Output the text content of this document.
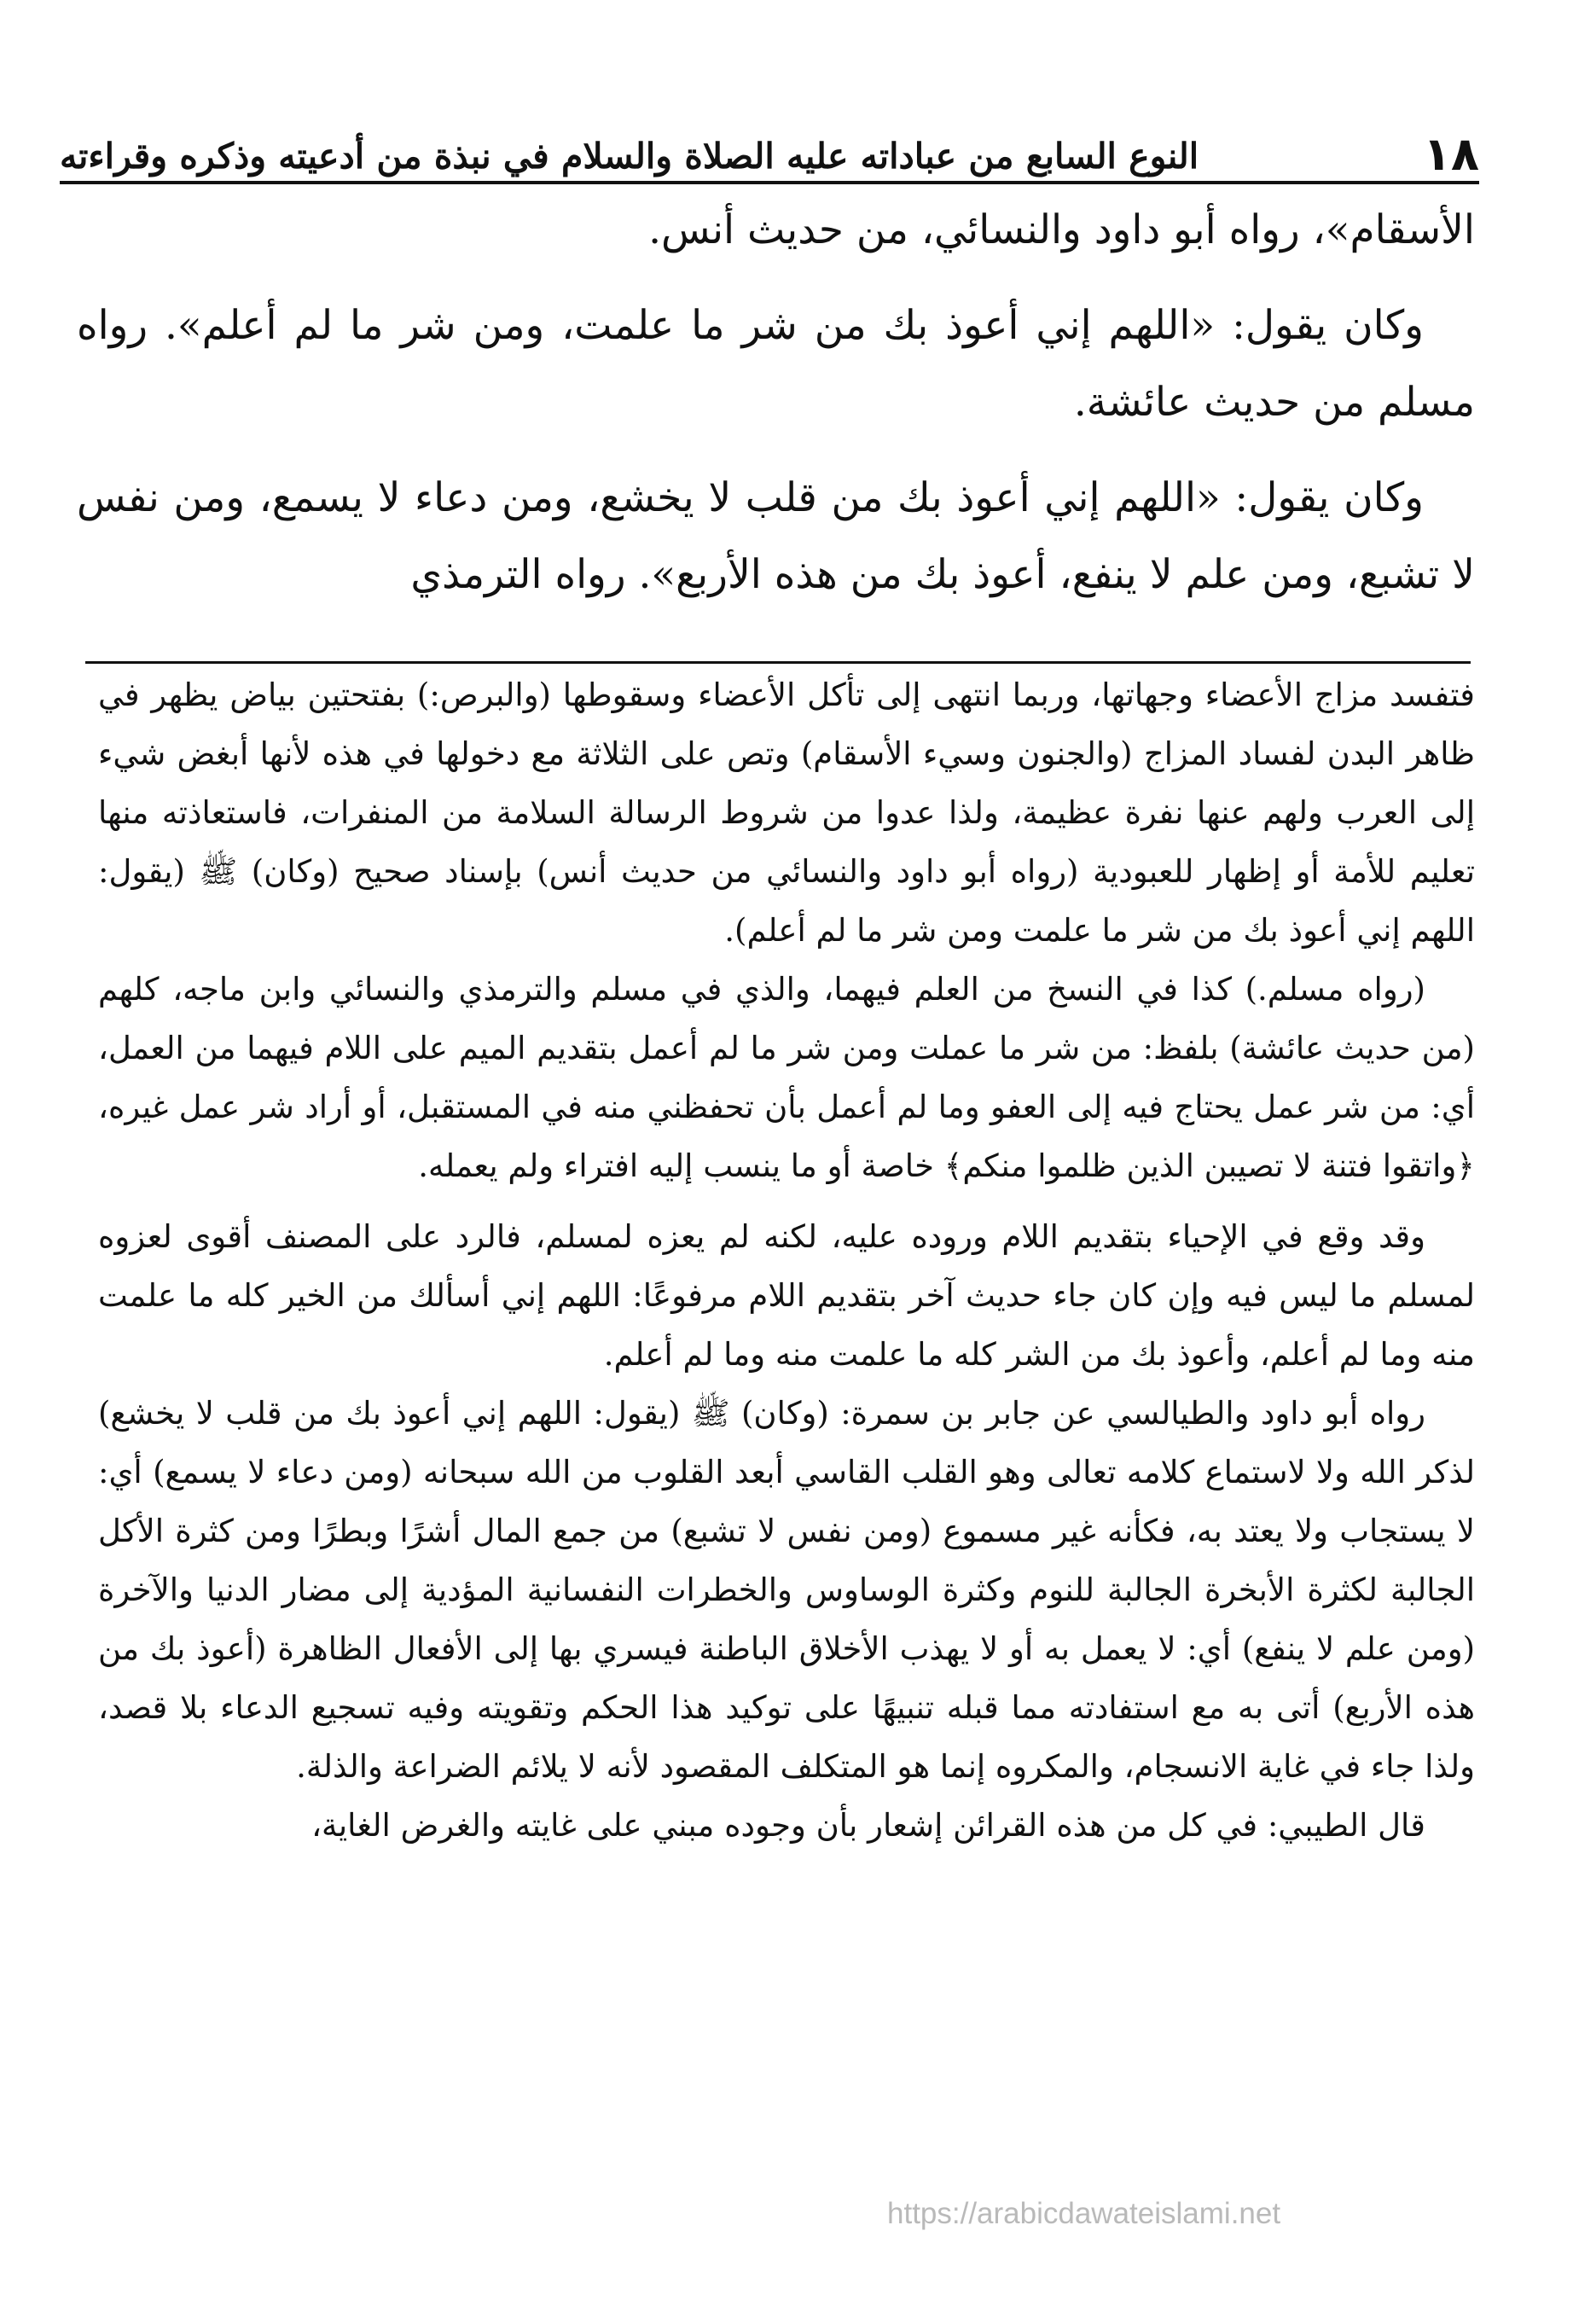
١٨
النوع السابع من عباداته عليه الصلاة والسلام في نبذة من أدعيته وذكره وقراءته

الأسقام»، رواه أبو داود والنسائي، من حديث أنس.

وكان يقول: «اللهم إني أعوذ بك من شر ما علمت، ومن شر ما لم أعلم». رواه مسلم من حديث عائشة.

وكان يقول: «اللهم إني أعوذ بك من قلب لا يخشع، ومن دعاء لا يسمع، ومن نفس لا تشبع، ومن علم لا ينفع، أعوذ بك من هذه الأربع». رواه الترمذي

فتفسد مزاج الأعضاء وجهاتها، وربما انتهى إلى تأكل الأعضاء وسقوطها (والبرص:) بفتحتين بياض يظهر في ظاهر البدن لفساد المزاج (والجنون وسيء الأسقام) وتص على الثلاثة مع دخولها في هذه لأنها أبغض شيء إلى العرب ولهم عنها نفرة عظيمة، ولذا عدوا من شروط الرسالة السلامة من المنفرات، فاستعاذته منها تعليم للأمة أو إظهار للعبودية (رواه أبو داود والنسائي من حديث أنس) بإسناد صحيح (وكان) ﷺ (يقول: اللهم إني أعوذ بك من شر ما علمت ومن شر ما لم أعلم).

(رواه مسلم.) كذا في النسخ من العلم فيهما، والذي في مسلم والترمذي والنسائي وابن ماجه، كلهم (من حديث عائشة) بلفظ: من شر ما عملت ومن شر ما لم أعمل بتقديم الميم على اللام فيهما من العمل، أي: من شر عمل يحتاج فيه إلى العفو وما لم أعمل بأن تحفظني منه في المستقبل، أو أراد شر عمل غيره، ﴿واتقوا فتنة لا تصيبن الذين ظلموا منكم﴾ خاصة أو ما ينسب إليه افتراء ولم يعمله.

وقد وقع في الإحياء بتقديم اللام وروده عليه، لكنه لم يعزه لمسلم، فالرد على المصنف أقوى لعزوه لمسلم ما ليس فيه وإن كان جاء حديث آخر بتقديم اللام مرفوعًا: اللهم إني أسألك من الخير كله ما علمت منه وما لم أعلم، وأعوذ بك من الشر كله ما علمت منه وما لم أعلم.

رواه أبو داود والطيالسي عن جابر بن سمرة: (وكان) ﷺ (يقول: اللهم إني أعوذ بك من قلب لا يخشع) لذكر الله ولا لاستماع كلامه تعالى وهو القلب القاسي أبعد القلوب من الله سبحانه (ومن دعاء لا يسمع) أي: لا يستجاب ولا يعتد به، فكأنه غير مسموع (ومن نفس لا تشبع) من جمع المال أشرًا وبطرًا ومن كثرة الأكل الجالبة لكثرة الأبخرة الجالبة للنوم وكثرة الوساوس والخطرات النفسانية المؤدية إلى مضار الدنيا والآخرة (ومن علم لا ينفع) أي: لا يعمل به أو لا يهذب الأخلاق الباطنة فيسري بها إلى الأفعال الظاهرة (أعوذ بك من هذه الأربع) أتى به مع استفادته مما قبله تنبيهًا على توكيد هذا الحكم وتقويته وفيه تسجيع الدعاء بلا قصد، ولذا جاء في غاية الانسجام، والمكروه إنما هو المتكلف المقصود لأنه لا يلائم الضراعة والذلة.

قال الطيبي: في كل من هذه القرائن إشعار بأن وجوده مبني على غايته والغرض الغاية،

https://arabicdawateislami.net
